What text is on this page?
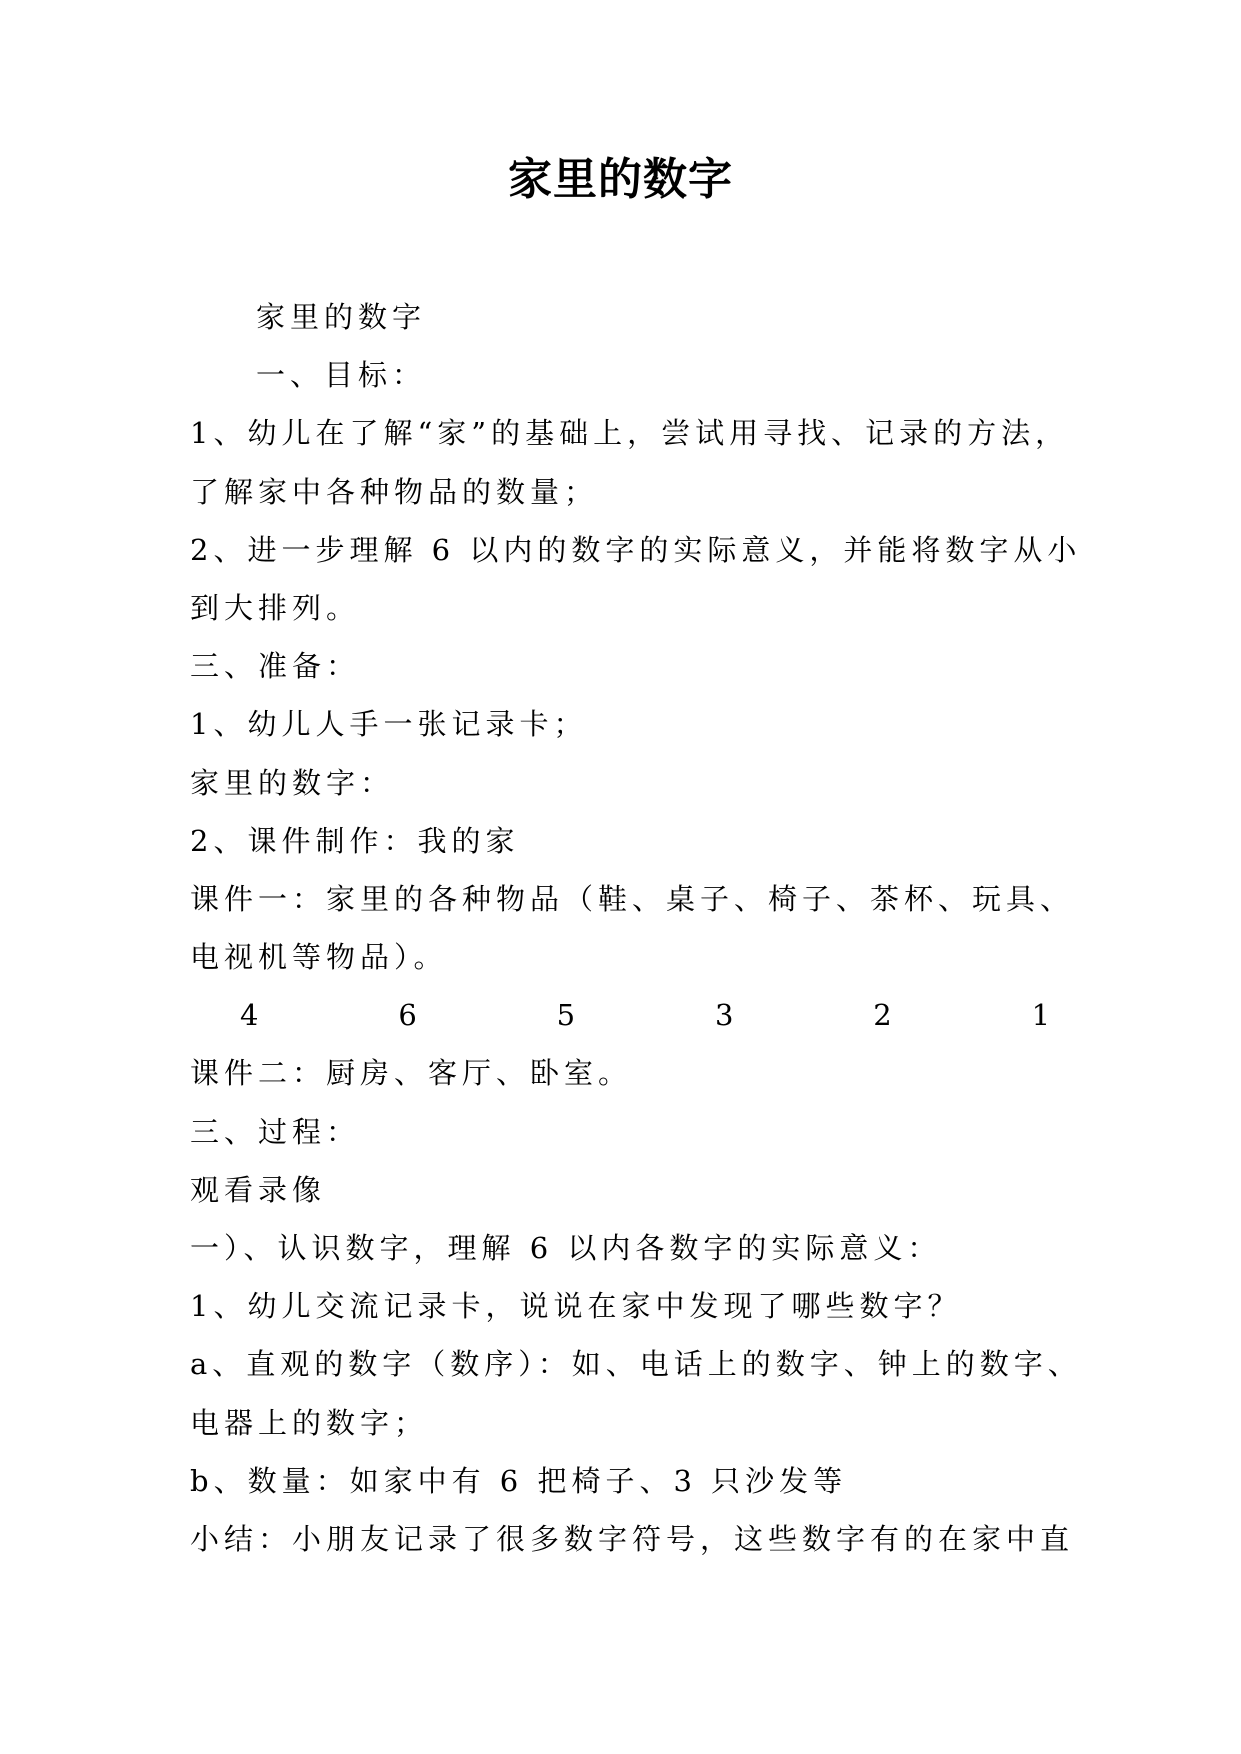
家里的数字
家里的数字
一、目标：
1、幼儿在了解“家”的基础上，尝试用寻找、记录的方法，
了解家中各种物品的数量；
2、进一步理解 6 以内的数字的实际意义，并能将数字从小
到大排列。
三、准备：
1、幼儿人手一张记录卡；
家里的数字：
2、课件制作：我的家
课件一：家里的各种物品（鞋、桌子、椅子、茶杯、玩具、
电视机等物品）。
4    6    5    3    2    1
课件二：厨房、客厅、卧室。
三、过程：
观看录像
一）、认识数字，理解 6 以内各数字的实际意义：
1、幼儿交流记录卡，说说在家中发现了哪些数字？
a、直观的数字（数序）：如、电话上的数字、钟上的数字、
电器上的数字；
b、数量：如家中有 6 把椅子、3 只沙发等
小结：小朋友记录了很多数字符号，这些数字有的在家中直
